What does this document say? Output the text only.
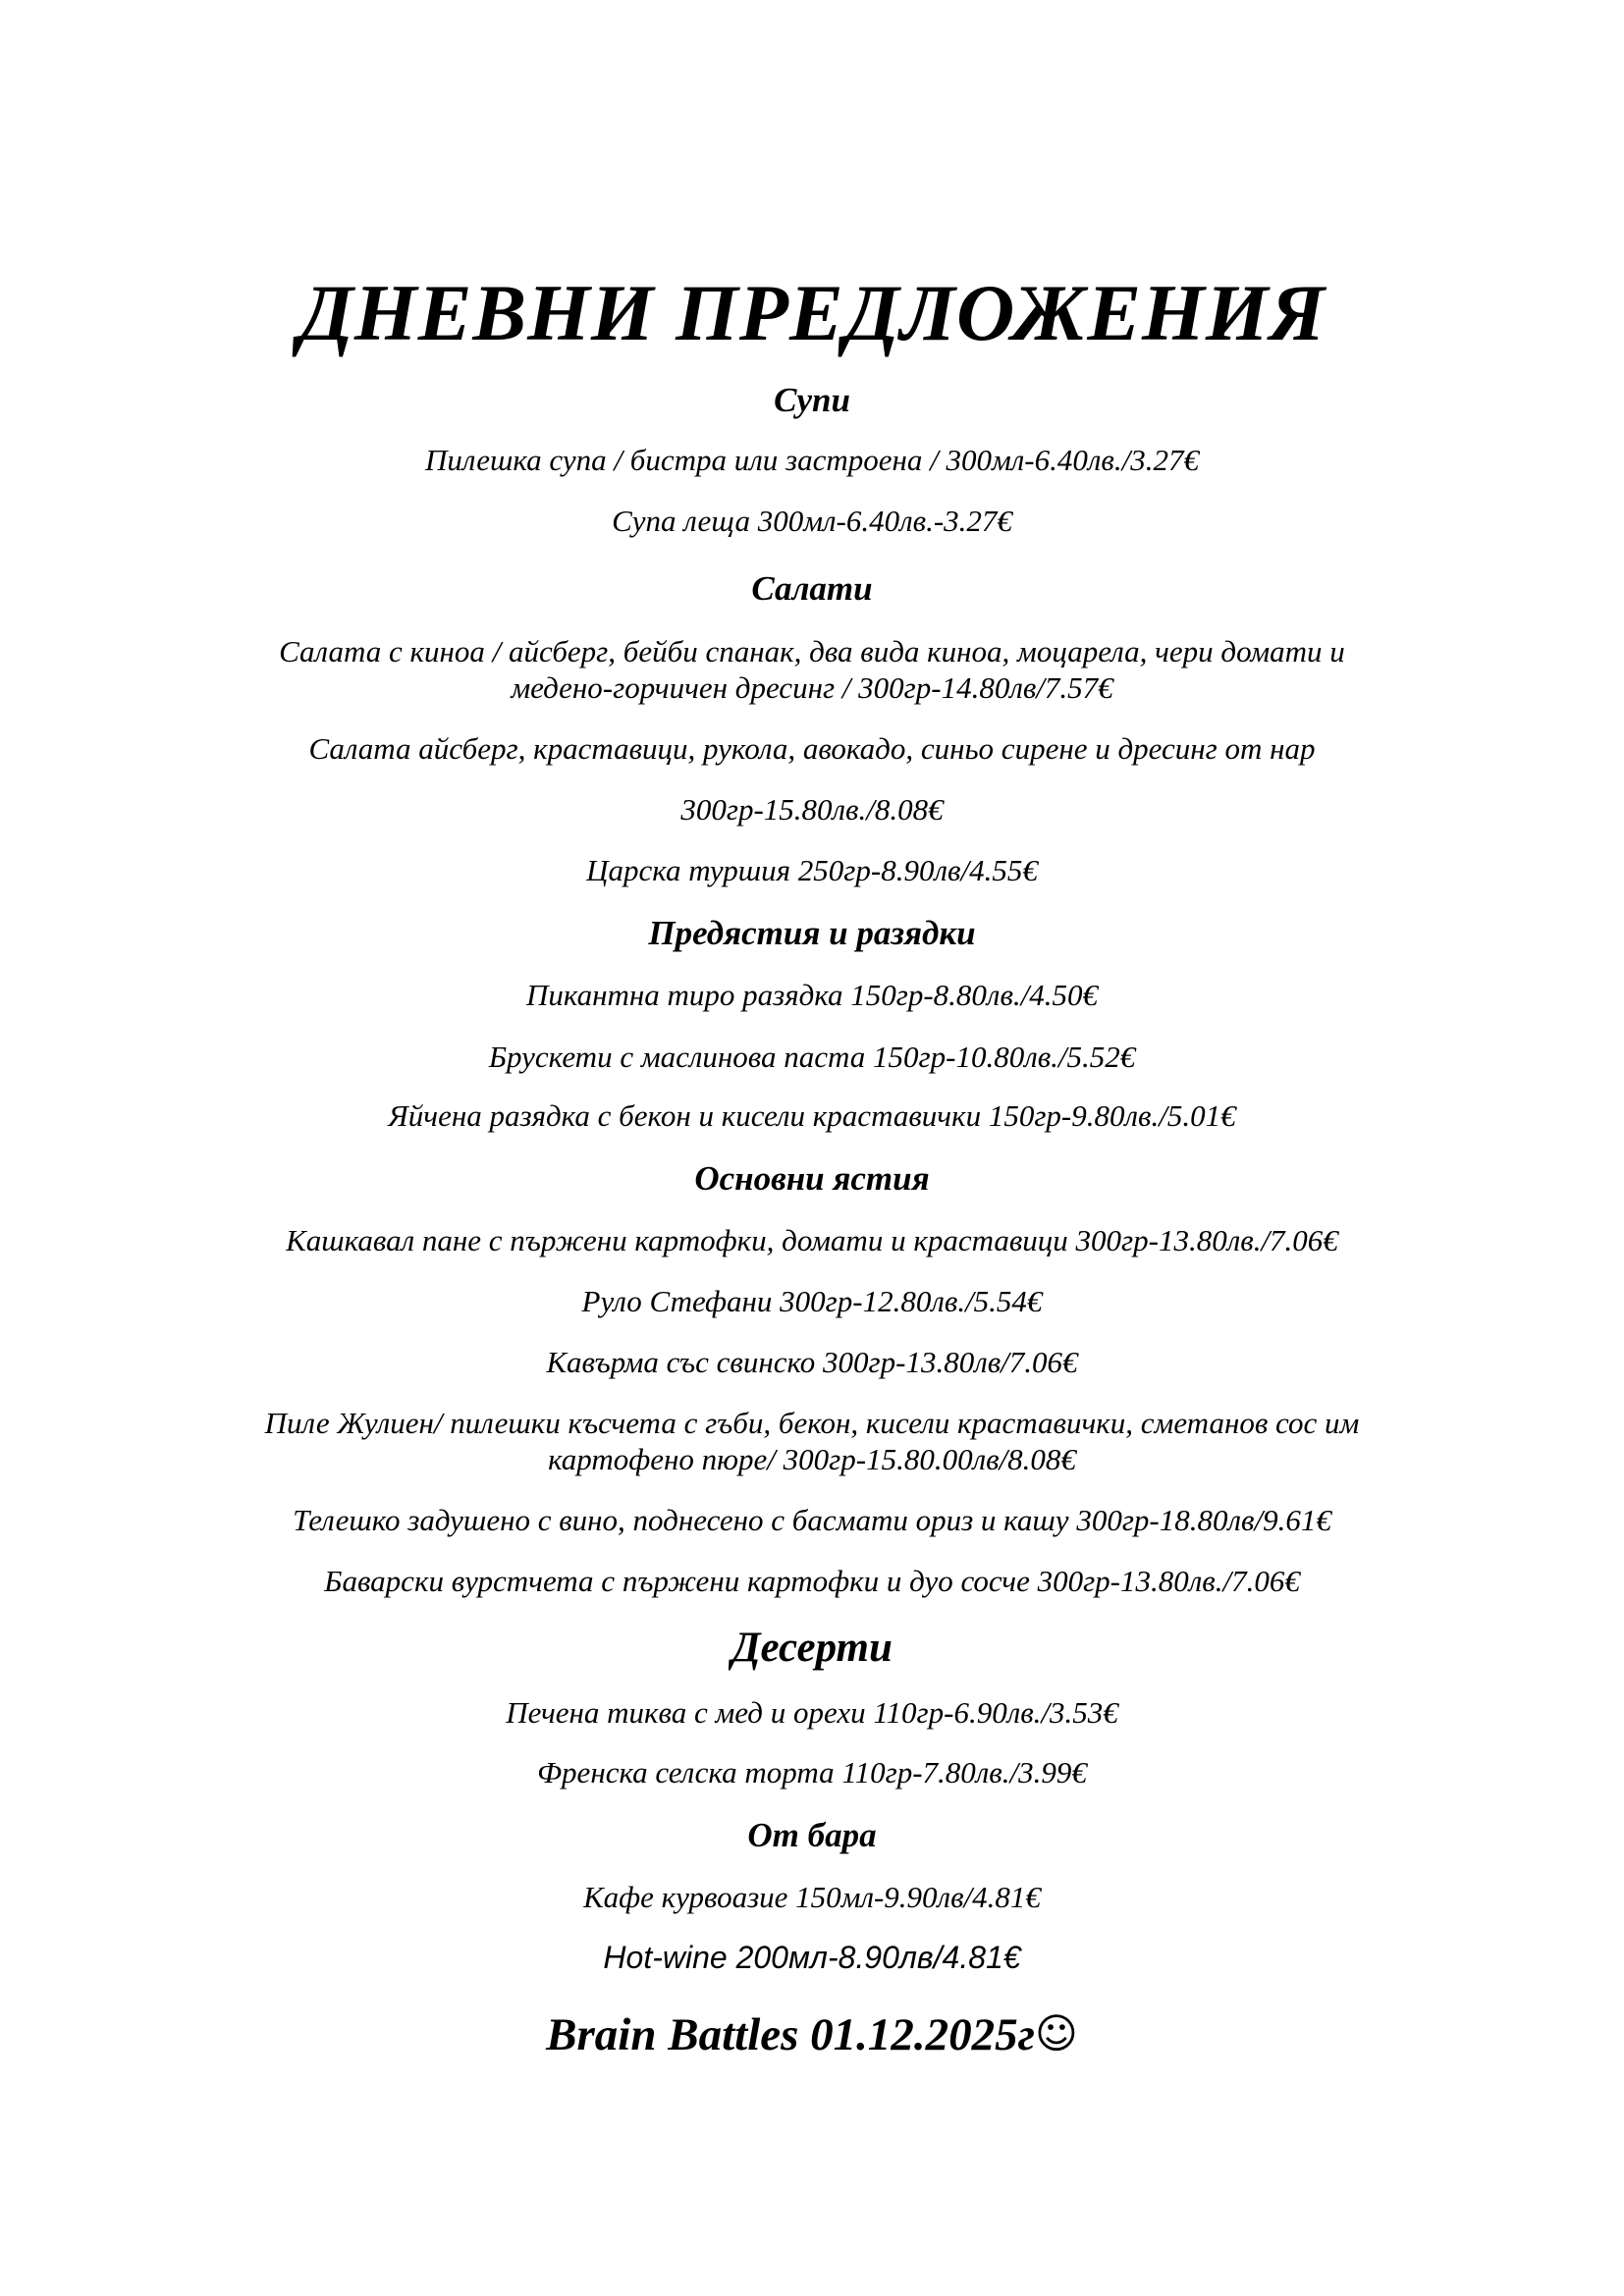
ДНЕВНИ ПРЕДЛОЖЕНИЯ
Супи
Пилешка супа / бистра или застроена / 300мл-6.40лв./3.27€
Супа леща 300мл-6.40лв.-3.27€
Салати
Салата с киноа / айсберг, бейби спанак, два вида киноа, моцарела, чери домати и
медено-горчичен дресинг / 300гр-14.80лв/7.57€
Салата айсберг, краставици, рукола, авокадо, синьо сирене и дресинг от нар
300гр-15.80лв./8.08€
Царска туршия 250гр-8.90лв/4.55€
Предястия и разядки
Пикантна тиро разядка 150гр-8.80лв./4.50€
Брускети с маслинова паста 150гр-10.80лв./5.52€
Яйчена разядка с бекон и кисели краставички 150гр-9.80лв./5.01€
Основни ястия
Кашкавал пане с пържени картофки, домати и краставици 300гр-13.80лв./7.06€
Руло Стефани 300гр-12.80лв./5.54€
Кавърма със свинско 300гр-13.80лв/7.06€
Пиле Жулиен/ пилешки късчета с гъби, бекон, кисели краставички, сметанов сос им
картофено пюре/ 300гр-15.80.00лв/8.08€
Телешко задушено с вино, поднесено с басмати ориз и кашу 300гр-18.80лв/9.61€
Баварски вурстчета с пържени картофки и дуо сосче 300гр-13.80лв./7.06€
Десерти
Печена тиква с мед и орехи 110гр-6.90лв./3.53€
Френска селска торта 110гр-7.80лв./3.99€
От бара
Кафе курвоазие 150мл-9.90лв/4.81€
Hot-wine 200мл-8.90лв/4.81€
Brain Battles 01.12.2025г☺
